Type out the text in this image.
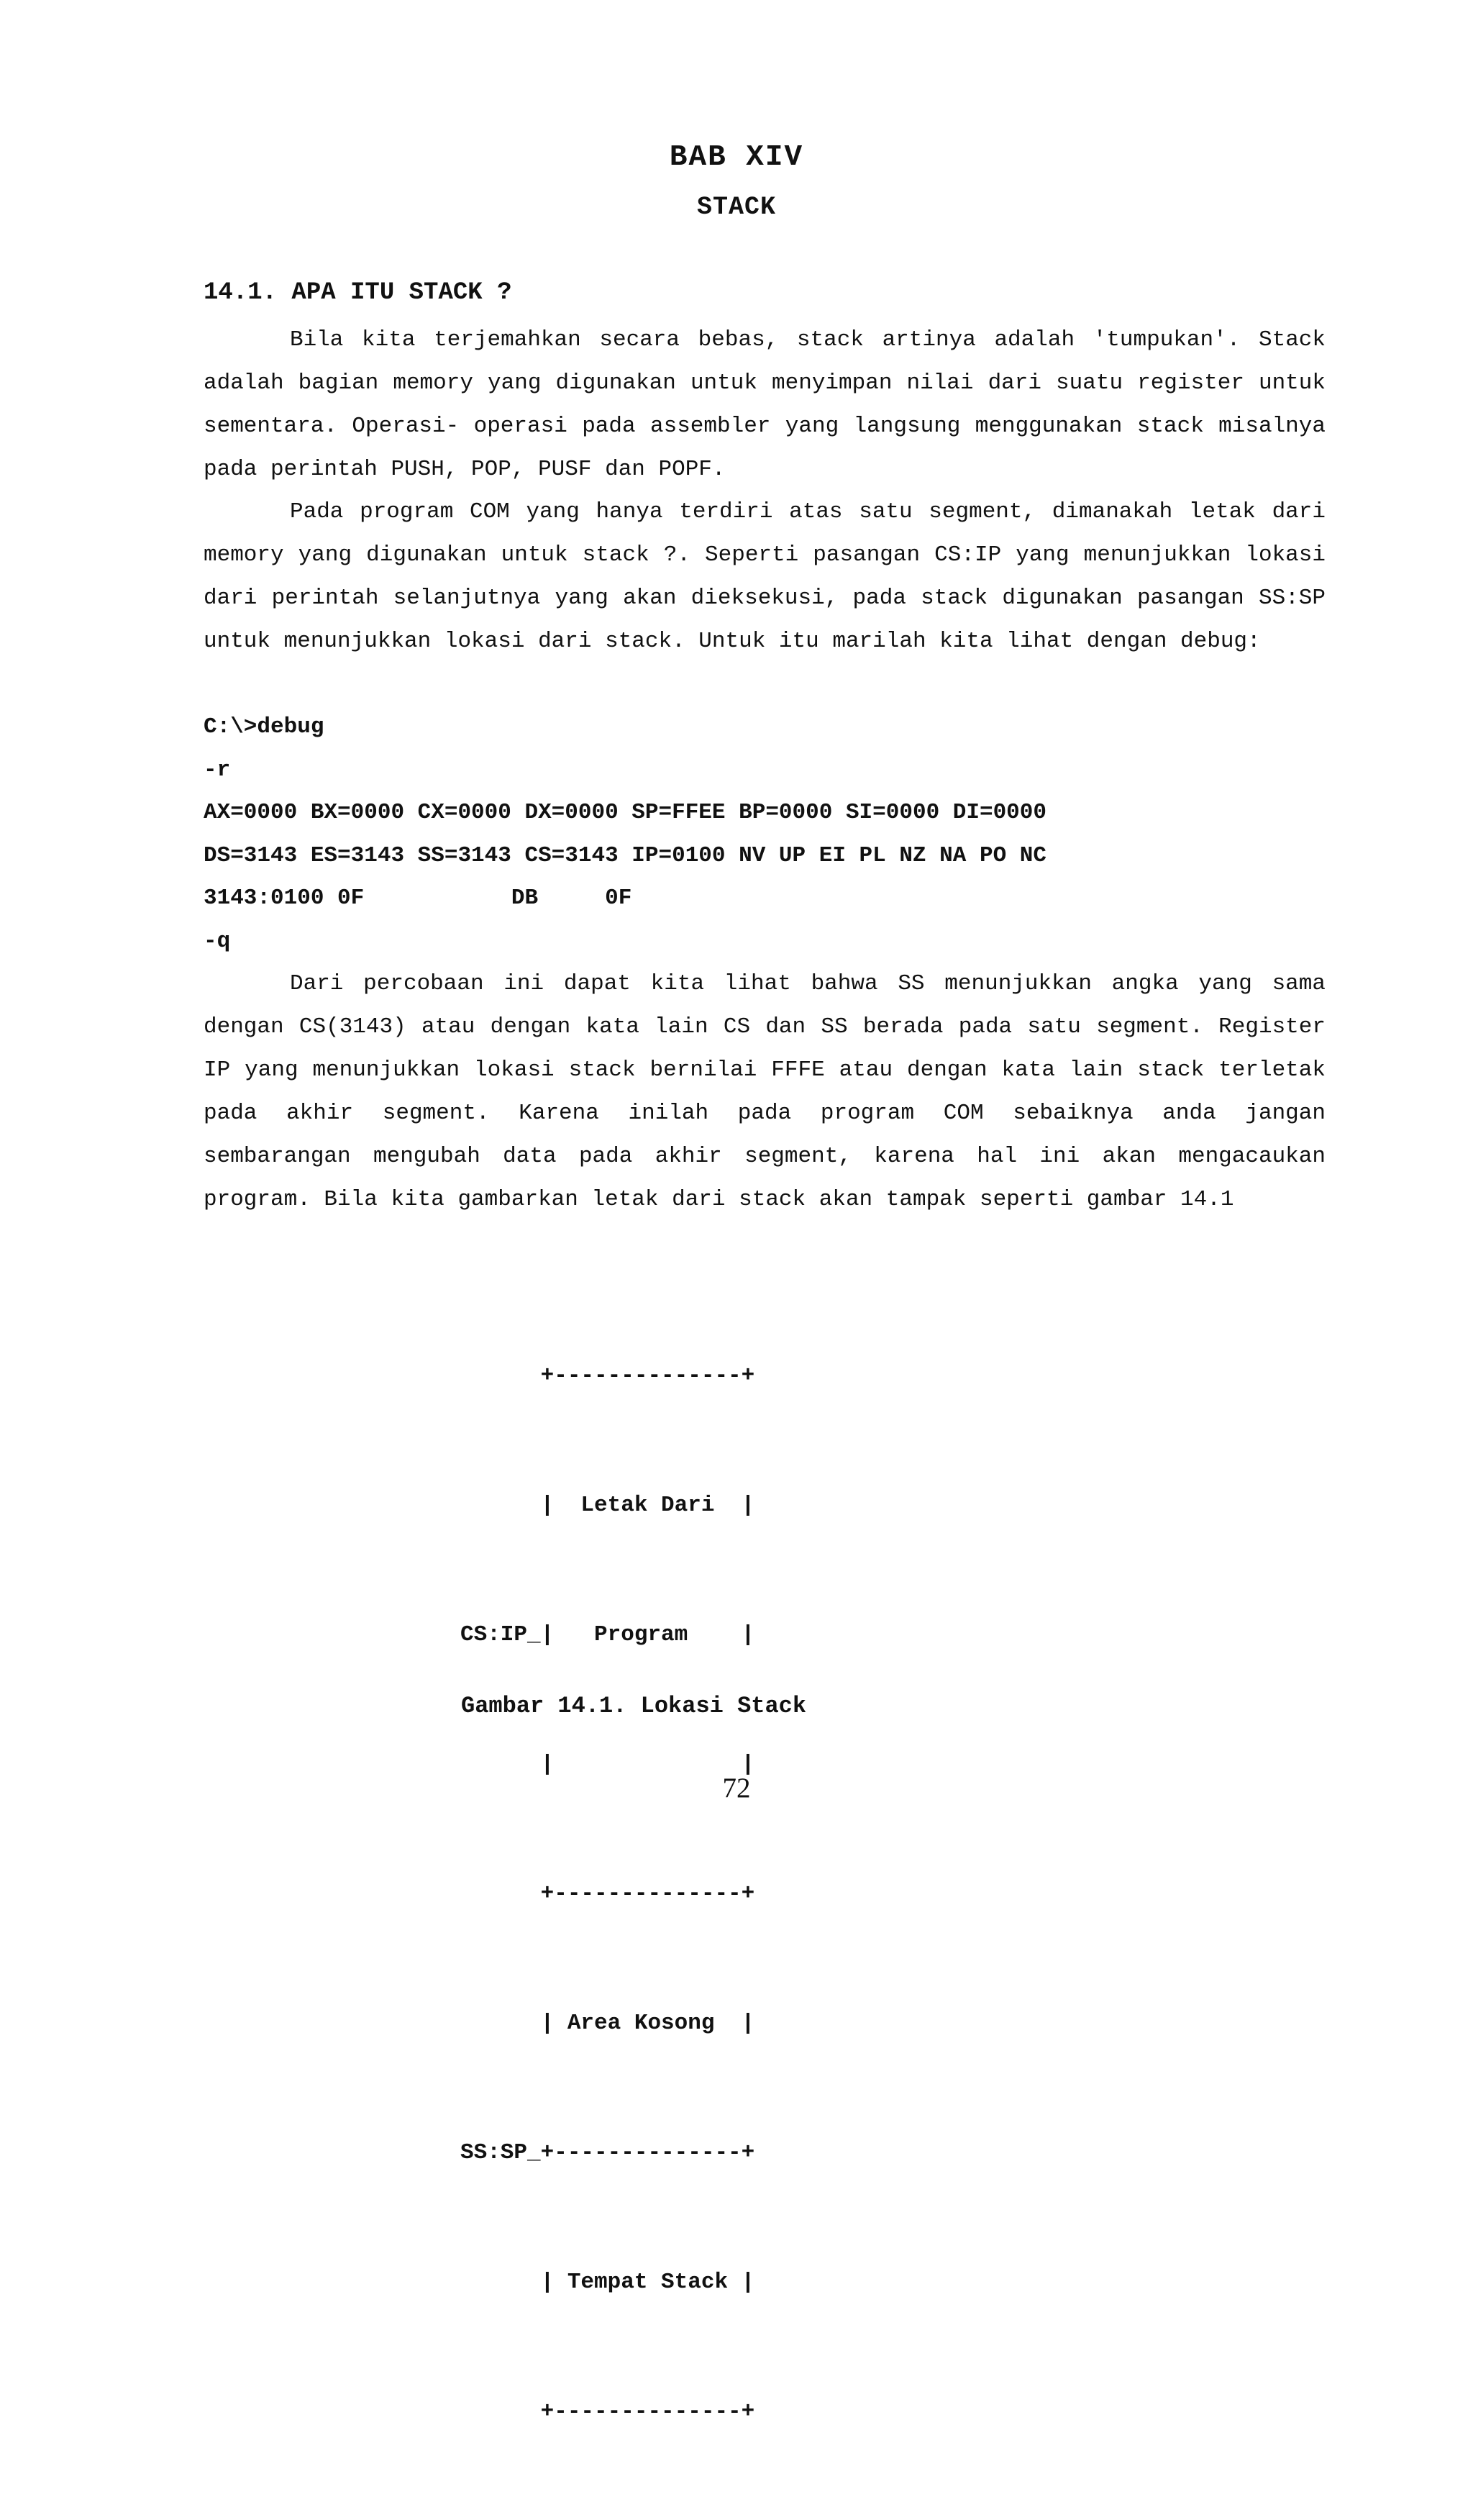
BAB XIV
STACK
14.1. APA ITU STACK ?
Bila kita terjemahkan secara bebas, stack artinya adalah 'tumpukan'. Stack adalah bagian memory yang digunakan untuk menyimpan nilai dari suatu register untuk sementara. Operasi- operasi pada assembler yang langsung menggunakan stack misalnya pada perintah PUSH, POP, PUSF dan POPF.
Pada program COM yang hanya terdiri atas satu segment, dimanakah letak dari memory yang digunakan untuk stack ?. Seperti pasangan CS:IP yang menunjukkan lokasi dari perintah selanjutnya yang akan dieksekusi, pada stack digunakan pasangan SS:SP untuk menunjukkan lokasi dari stack. Untuk itu marilah kita lihat dengan debug:
C:\>debug
-r
AX=0000 BX=0000 CX=0000 DX=0000 SP=FFEE BP=0000 SI=0000 DI=0000
DS=3143 ES=3143 SS=3143 CS=3143 IP=0100 NV UP EI PL NZ NA PO NC
3143:0100 0F           DB     0F
-q
Dari percobaan ini dapat kita lihat bahwa SS menunjukkan angka yang sama dengan CS(3143) atau dengan kata lain CS dan SS berada pada satu segment. Register IP yang menunjukkan lokasi stack bernilai FFFE atau dengan kata lain stack terletak pada akhir segment. Karena inilah pada program COM sebaiknya anda jangan sembarangan mengubah data pada akhir segment, karena hal ini akan mengacaukan program. Bila kita gambarkan letak dari stack akan tampak seperti gambar 14.1

+--------------+

|  Letak Dari  |

CS:IP_|   Program    |

|              |

+--------------+

| Area Kosong  |

SS:SP_+--------------+

| Tempat Stack |

+--------------+

Gambar 14.1. Lokasi Stack
72
